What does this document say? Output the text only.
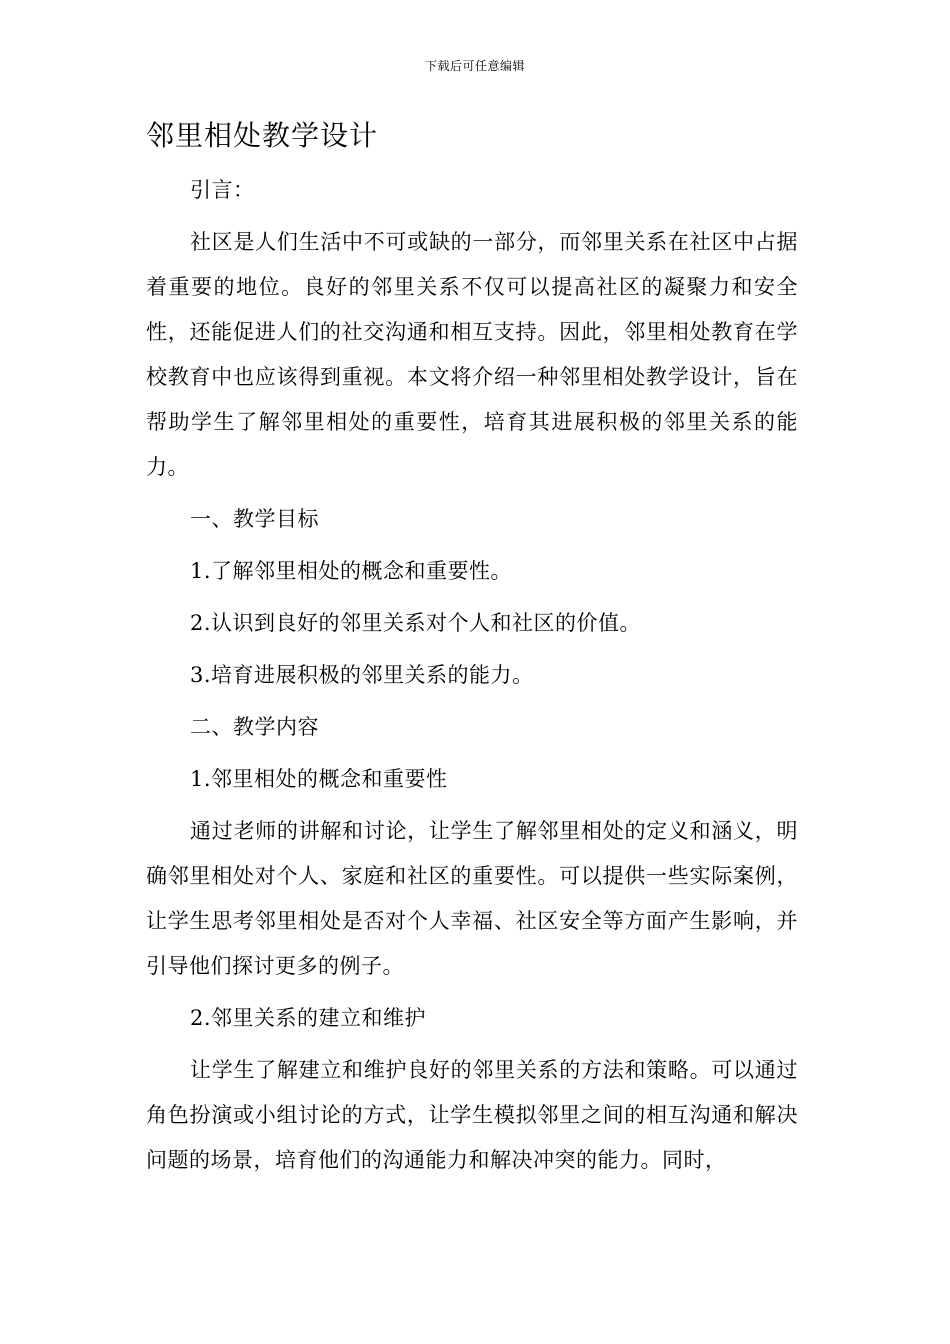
下载后可任意编辑
邻里相处教学设计

引言：

社区是人们生活中不可或缺的一部分，而邻里关系在社区中占据着重要的地位。良好的邻里关系不仅可以提高社区的凝聚力和安全性，还能促进人们的社交沟通和相互支持。因此，邻里相处教育在学校教育中也应该得到重视。本文将介绍一种邻里相处教学设计，旨在帮助学生了解邻里相处的重要性，培育其进展积极的邻里关系的能力。

一、教学目标

1.了解邻里相处的概念和重要性。

2.认识到良好的邻里关系对个人和社区的价值。

3.培育进展积极的邻里关系的能力。

二、教学内容

1.邻里相处的概念和重要性

通过老师的讲解和讨论，让学生了解邻里相处的定义和涵义，明确邻里相处对个人、家庭和社区的重要性。可以提供一些实际案例，让学生思考邻里相处是否对个人幸福、社区安全等方面产生影响，并引导他们探讨更多的例子。

2.邻里关系的建立和维护

让学生了解建立和维护良好的邻里关系的方法和策略。可以通过角色扮演或小组讨论的方式，让学生模拟邻里之间的相互沟通和解决问题的场景，培育他们的沟通能力和解决冲突的能力。同时，
